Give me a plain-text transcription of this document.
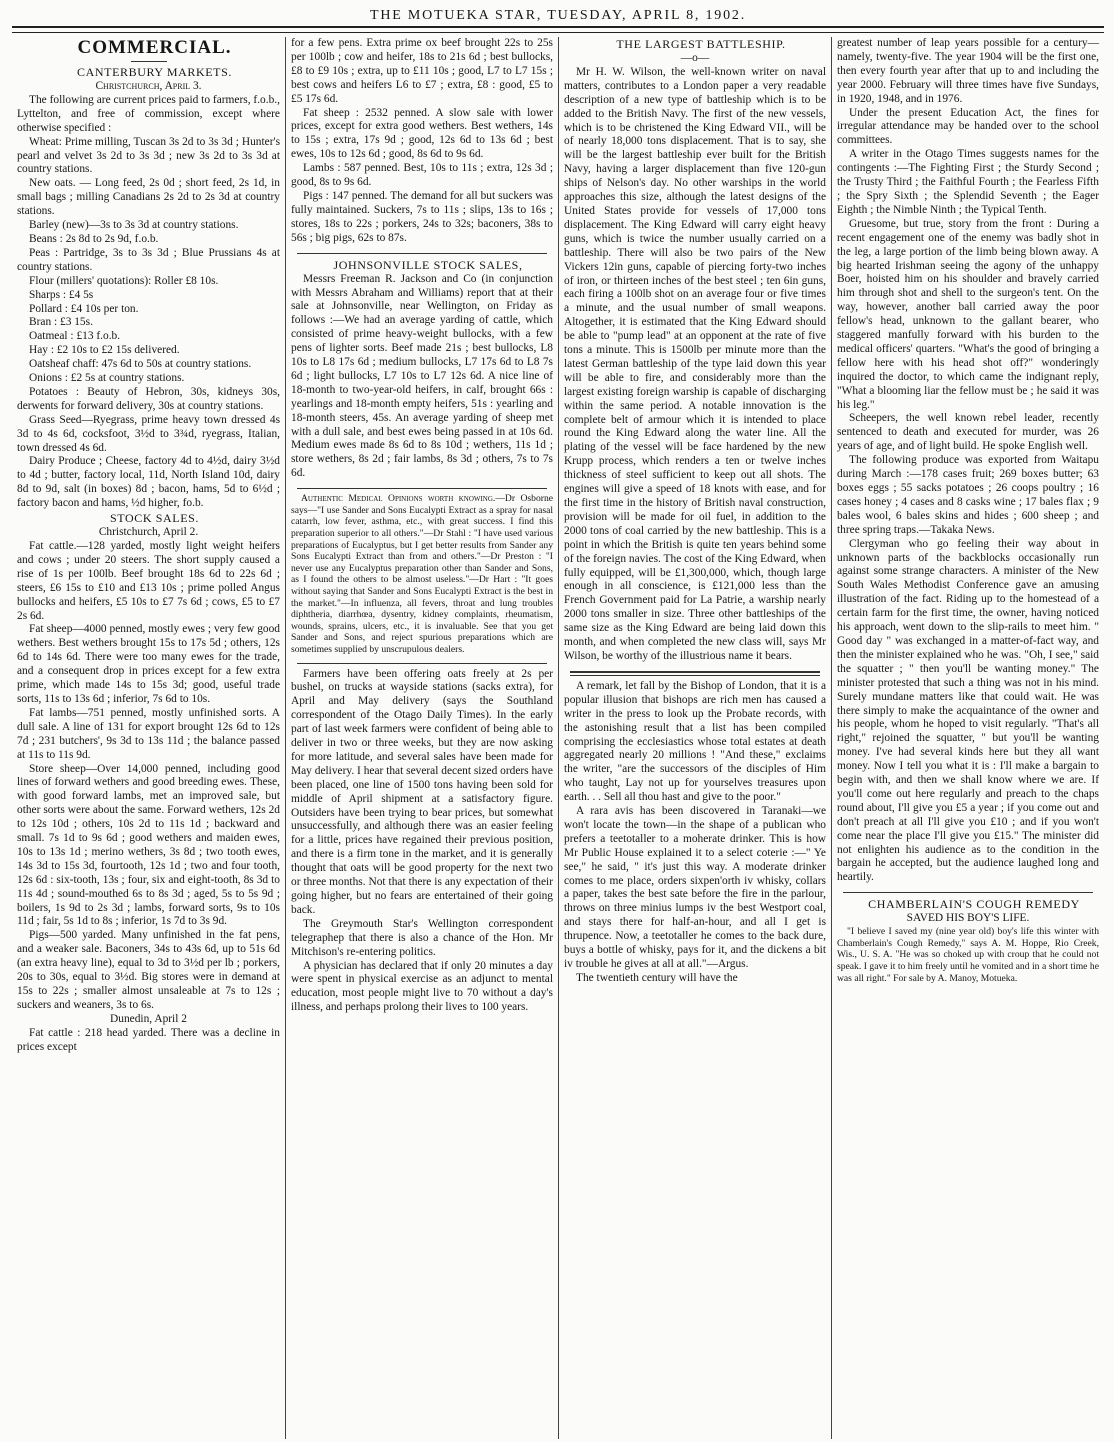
THE MOTUEKA STAR, TUESDAY, APRIL 8, 1902.

COMMERCIAL.

CANTERBURY MARKETS.

Christchurch, April 3.

The following are current prices paid to farmers, f.o.b., Lyttelton, and free of commission, except where otherwise specified :

Wheat: Prime milling, Tuscan 3s 2d to 3s 3d ; Hunter's pearl and velvet 3s 2d to 3s 3d ; new 3s 2d to 3s 3d at country stations.

New oats. — Long feed, 2s 0d ; short feed, 2s 1d, in small bags ; milling Canadians 2s 2d to 2s 3d at country stations.

Barley (new)—3s to 3s 3d at country stations.

Beans : 2s 8d to 2s 9d, f.o.b.

Peas : Partridge, 3s to 3s 3d ; Blue Prussians 4s at country stations.

Flour (millers' quotations): Roller £8 10s.

Sharps : £4 5s

Pollard : £4 10s per ton.

Bran : £3 15s.

Oatmeal : £13 f.o.b.

Hay : £2 10s to £2 15s delivered.

Oatsheaf chaff: 47s 6d to 50s at country stations.

Onions : £2 5s at country stations.

Potatoes : Beauty of Hebron, 30s, kidneys 30s, derwents for forward delivery, 30s at country stations.

Grass Seed—Ryegrass, prime heavy town dressed 4s 3d to 4s 6d, cocksfoot, 3½d to 3¾d, ryegrass, Italian, town dressed 4s 6d.

Dairy Produce ; Cheese, factory 4d to 4½d, dairy 3½d to 4d ; butter, factory local, 11d, North Island 10d, dairy 8d to 9d, salt (in boxes) 8d ; bacon, hams, 5d to 6½d ; factory bacon and hams, ½d higher, fo.b.

STOCK SALES.

Christchurch, April 2.

Fat cattle.—128 yarded, mostly light weight heifers and cows ; under 20 steers. The short supply caused a rise of 1s per 100lb. Beef brought 18s 6d to 22s 6d ; steers, £6 15s to £10 and £13 10s ; prime polled Angus bullocks and heifers, £5 10s to £7 7s 6d ; cows, £5 to £7 2s 6d.

Fat sheep—4000 penned, mostly ewes ; very few good wethers. Best wethers brought 15s to 17s 5d ; others, 12s 6d to 14s 6d. There were too many ewes for the trade, and a consequent drop in prices except for a few extra prime, which made 14s to 15s 3d; good, useful trade sorts, 11s to 13s 6d ; inferior, 7s 6d to 10s.

Fat lambs—751 penned, mostly unfinished sorts. A dull sale. A line of 131 for export brought 12s 6d to 12s 7d ; 231 butchers', 9s 3d to 13s 11d ; the balance passed at 11s to 11s 9d.

Store sheep—Over 14,000 penned, including good lines of forward wethers and good breeding ewes. These, with good forward lambs, met an improved sale, but other sorts were about the same. Forward wethers, 12s 2d to 12s 10d ; others, 10s 2d to 11s 1d ; backward and small. 7s 1d to 9s 6d ; good wethers and maiden ewes, 10s to 13s 1d ; merino wethers, 3s 8d ; two tooth ewes, 14s 3d to 15s 3d, fourtooth, 12s 1d ; two and four tooth, 12s 6d : six-tooth, 13s ; four, six and eight-tooth, 8s 3d to 11s 4d ; sound-mouthed 6s to 8s 3d ; aged, 5s to 5s 9d ; boilers, 1s 9d to 2s 3d ; lambs, forward sorts, 9s to 10s 11d ; fair, 5s 1d to 8s ; inferior, 1s 7d to 3s 9d.

Pigs—500 yarded. Many unfinished in the fat pens, and a weaker sale. Baconers, 34s to 43s 6d, up to 51s 6d (an extra heavy line), equal to 3d to 3½d per lb ; porkers, 20s to 30s, equal to 3½d. Big stores were in demand at 15s to 22s ; smaller almost unsaleable at 7s to 12s ; suckers and weaners, 3s to 6s.

Dunedin, April 2

Fat cattle : 218 head yarded. There was a decline in prices except

for a few pens. Extra prime ox beef brought 22s to 25s per 100lb ; cow and heifer, 18s to 21s 6d ; best bullocks, £8 to £9 10s ; extra, up to £11 10s ; good, L7 to L7 15s ; best cows and heifers L6 to £7 ; extra, £8 : good, £5 to £5 17s 6d.

Fat sheep : 2532 penned. A slow sale with lower prices, except for extra good wethers. Best wethers, 14s to 15s ; extra, 17s 9d ; good, 12s 6d to 13s 6d ; best ewes, 10s to 12s 6d ; good, 8s 6d to 9s 6d.

Lambs : 587 penned. Best, 10s to 11s ; extra, 12s 3d ; good, 8s to 9s 6d.

Pigs : 147 penned. The demand for all but suckers was fully maintained. Suckers, 7s to 11s ; slips, 13s to 16s ; stores, 18s to 22s ; porkers, 24s to 32s; baconers, 38s to 56s ; big pigs, 62s to 87s.

JOHNSONVILLE STOCK SALES,

Messrs Freeman R. Jackson and Co (in conjunction with Messrs Abraham and Williams) report that at their sale at Johnsonville, near Wellington, on Friday as follows :—We had an average yarding of cattle, which consisted of prime heavy-weight bullocks, with a few pens of lighter sorts. Beef made 21s ; best bullocks, L8 10s to L8 17s 6d ; medium bullocks, L7 17s 6d to L8 7s 6d ; light bullocks, L7 10s to L7 12s 6d. A nice line of 18-month to two-year-old heifers, in calf, brought 66s : yearlings and 18-month empty heifers, 51s : yearling and 18-month steers, 45s. An average yarding of sheep met with a dull sale, and best ewes being passed in at 10s 6d. Medium ewes made 8s 6d to 8s 10d ; wethers, 11s 1d ; store wethers, 8s 2d ; fair lambs, 8s 3d ; others, 7s to 7s 6d.

Authentic Medical Opinions worth knowing.—Dr Osborne says—"I use Sander and Sons Eucalypti Extract as a spray for nasal catarrh, low fever, asthma, etc., with great success. I find this preparation superior to all others."—Dr Stahl : "I have used various preparations of Eucalyptus, but I get better results from Sander any Sons Eucalypti Extract than from and others."—Dr Preston : "I never use any Eucalyptus preparation other than Sander and Sons, as I found the others to be almost useless."—Dr Hart : "It goes without saying that Sander and Sons Eucalypti Extract is the best in the market."—In influenza, all fevers, throat and lung troubles diphtheria, diarrhœa, dysentry, kidney complaints, rheumatism, wounds, sprains, ulcers, etc., it is invaluable. See that you get Sander and Sons, and reject spurious preparations which are sometimes supplied by unscrupulous dealers.

Farmers have been offering oats freely at 2s per bushel, on trucks at wayside stations (sacks extra), for April and May delivery (says the Southland correspondent of the Otago Daily Times). In the early part of last week farmers were confident of being able to deliver in two or three weeks, but they are now asking for more latitude, and several sales have been made for May delivery. I hear that several decent sized orders have been placed, one line of 1500 tons having been sold for middle of April shipment at a satisfactory figure. Outsiders have been trying to bear prices, but somewhat unsuccessfully, and although there was an easier feeling for a little, prices have regained their previous position, and there is a firm tone in the market, and it is generally thought that oats will be good property for the next two or three months. Not that there is any expectation of their going higher, but no fears are entertained of their going back.

The Greymouth Star's Wellington correspondent telegraphep that there is also a chance of the Hon. Mr Mitchison's re-entering politics.

A physician has declared that if only 20 minutes a day were spent in physical exercise as an adjunct to mental education, most people might live to 70 without a day's illness, and perhaps prolong their lives to 100 years.

THE LARGEST BATTLESHIP.

—o—

Mr H. W. Wilson, the well-known writer on naval matters, contributes to a London paper a very readable description of a new type of battleship which is to be added to the British Navy. The first of the new vessels, which is to be christened the King Edward VII., will be of nearly 18,000 tons displacement. That is to say, she will be the largest battleship ever built for the British Navy, having a larger displacement than five 120-gun ships of Nelson's day. No other warships in the world approaches this size, although the latest designs of the United States provide for vessels of 17,000 tons displacement. The King Edward will carry eight heavy guns, which is twice the number usually carried on a battleship. There will also be two pairs of the New Vickers 12in guns, capable of piercing forty-two inches of iron, or thirteen inches of the best steel ; ten 6in guns, each firing a 100lb shot on an average four or five times a minute, and the usual number of small weapons. Altogether, it is estimated that the King Edward should be able to "pump lead" at an opponent at the rate of five tons a minute. This is 1500lb per minute more than the latest German battleship of the type laid down this year will be able to fire, and considerably more than the largest existing foreign warship is capable of discharging within the same period. A notable innovation is the complete belt of armour which it is intended to place round the King Edward along the water line. All the plating of the vessel will be face hardened by the new Krupp process, which renders a ten or twelve inches thickness of steel sufficient to keep out all shots. The engines will give a speed of 18 knots with ease, and for the first time in the history of British naval construction, provision will be made for oil fuel, in addition to the 2000 tons of coal carried by the new battleship. This is a point in which the British is quite ten years behind some of the foreign navies. The cost of the King Edward, when fully equipped, will be £1,300,000, which, though large enough in all conscience, is £121,000 less than the French Government paid for La Patrie, a warship nearly 2000 tons smaller in size. Three other battleships of the same size as the King Edward are being laid down this month, and when completed the new class will, says Mr Wilson, be worthy of the illustrious name it bears.

A remark, let fall by the Bishop of London, that it is a popular illusion that bishops are rich men has caused a writer in the press to look up the Probate records, with the astonishing result that a list has been compiled comprising the ecclesiastics whose total estates at death aggregated nearly 20 millions ! "And these," exclaims the writer, "are the successors of the disciples of Him who taught, Lay not up for yourselves treasures upon earth. . . Sell all thou hast and give to the poor."

A rara avis has been discovered in Taranaki—we won't locate the town—in the shape of a publican who prefers a teetotaller to a moherate drinker. This is how Mr Public House explained it to a select coterie :—" Ye see," he said, " it's just this way. A moderate drinker comes to me place, orders sixpen'orth iv whisky, collars a paper, takes the best sate before the fire in the parlour, throws on three minius lumps iv the best Westport coal, and stays there for half-an-hour, and all I get is thrupence. Now, a teetotaller he comes to the back dure, buys a bottle of whisky, pays for it, and the dickens a bit iv trouble he gives at all at all."—Argus.

The twentieth century will have the

greatest number of leap years possible for a century—namely, twenty-five. The year 1904 will be the first one, then every fourth year after that up to and including the year 2000. February will three times have five Sundays, in 1920, 1948, and in 1976.

Under the present Education Act, the fines for irregular attendance may be handed over to the school committees.

A writer in the Otago Times suggests names for the contingents :—The Fighting First ; the Sturdy Second ; the Trusty Third ; the Faithful Fourth ; the Fearless Fifth ; the Spry Sixth ; the Splendid Seventh ; the Eager Eighth ; the Nimble Ninth ; the Typical Tenth.

Gruesome, but true, story from the front : During a recent engagement one of the enemy was badly shot in the leg, a large portion of the limb being blown away. A big hearted Irishman seeing the agony of the unhappy Boer, hoisted him on his shoulder and bravely carried him through shot and shell to the surgeon's tent. On the way, however, another ball carried away the poor fellow's head, unknown to the gallant bearer, who staggered manfully forward with his burden to the medical officers' quarters. "What's the good of bringing a fellow here with his head shot off?" wonderingly inquired the doctor, to which came the indignant reply, "What a blooming liar the fellow must be ; he said it was his leg."

Scheepers, the well known rebel leader, recently sentenced to death and executed for murder, was 26 years of age, and of light build. He spoke English well.

The following produce was exported from Waitapu during March :—178 cases fruit; 269 boxes butter; 63 boxes eggs ; 55 sacks potatoes ; 26 coops poultry ; 16 cases honey ; 4 cases and 8 casks wine ; 17 bales flax ; 9 bales wool, 6 bales skins and hides ; 600 sheep ; and three spring traps.—Takaka News.

Clergyman who go feeling their way about in unknown parts of the backblocks occasionally run against some strange characters. A minister of the New South Wales Methodist Conference gave an amusing illustration of the fact. Riding up to the homestead of a certain farm for the first time, the owner, having noticed his approach, went down to the slip-rails to meet him. " Good day " was exchanged in a matter-of-fact way, and then the minister explained who he was. "Oh, I see," said the squatter ; " then you'll be wanting money." The minister protested that such a thing was not in his mind. Surely mundane matters like that could wait. He was there simply to make the acquaintance of the owner and his people, whom he hoped to visit regularly. "That's all right," rejoined the squatter, " but you'll be wanting money. I've had several kinds here but they all want money. Now I tell you what it is : I'll make a bargain to begin with, and then we shall know where we are. If you'll come out here regularly and preach to the chaps round about, I'll give you £5 a year ; if you come out and don't preach at all I'll give you £10 ; and if you won't come near the place I'll give you £15." The minister did not enlighten his audience as to the condition in the bargain he accepted, but the audience laughed long and heartily.

CHAMBERLAIN'S COUGH REMEDY

SAVED HIS BOY'S LIFE.

"I believe I saved my (nine year old) boy's life this winter with Chamberlain's Cough Remedy," says A. M. Hoppe, Rio Creek, Wis., U. S. A. "He was so choked up with croup that he could not speak. I gave it to him freely until he vomited and in a short time he was all right." For sale by A. Manoy, Motueka.
